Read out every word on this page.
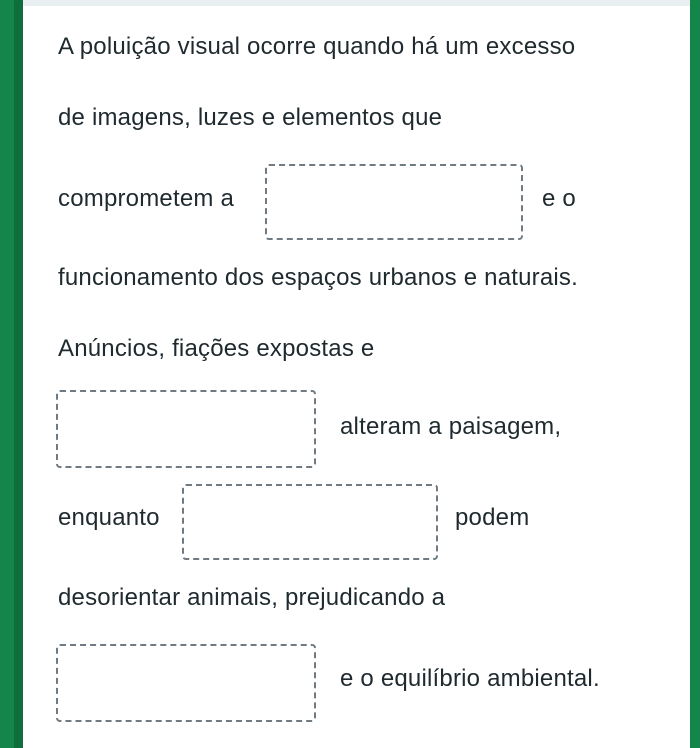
A poluição visual ocorre quando há um excesso
de imagens, luzes e elementos que
comprometem a	e o
funcionamento dos espaços urbanos e naturais.
Anúncios, fiações expostas e
alteram a paisagem,
enquanto	podem
desorientar animais, prejudicando a
e o equilíbrio ambiental.
